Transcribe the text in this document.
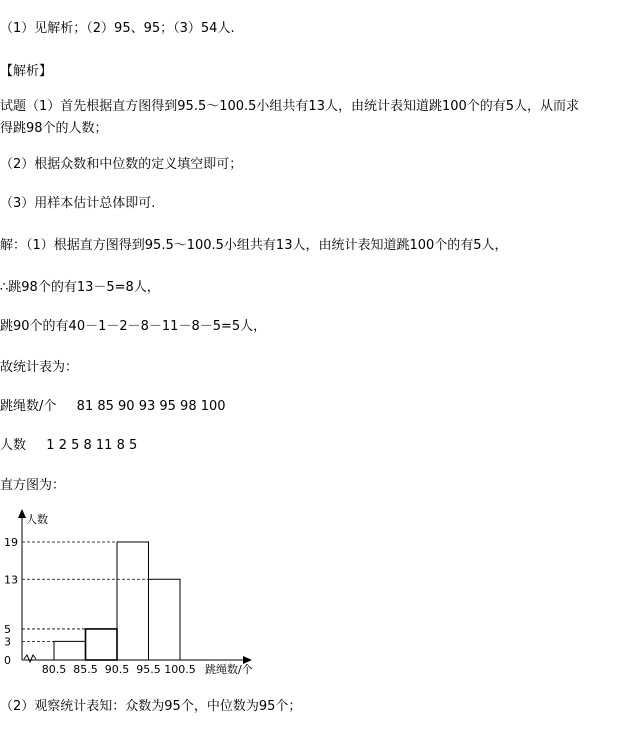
（1）见解析；（2）95、95；（3）54人.
【解析】
试题（1）首先根据直方图得到95.5～100.5小组共有13人，由统计表知道跳100个的有5人，从而求
得跳98个的人数；
（2）根据众数和中位数的定义填空即可；
（3）用样本估计总体即可.
解：（1）根据直方图得到95.5～100.5小组共有13人，由统计表知道跳100个的有5人，
∴跳98个的有13－5=8人，
跳90个的有40－1－2－8－11－8－5=5人，
故统计表为：
跳绳数/个 81 85 90 93 95 98 100
人数 1 2 5 8 11 8 5
直方图为：
人数
跳绳数/个
0
3
5
13
19
80.5 85.5 90.5 95.5 100.5
（2）观察统计表知：众数为95个，中位数为95个；
